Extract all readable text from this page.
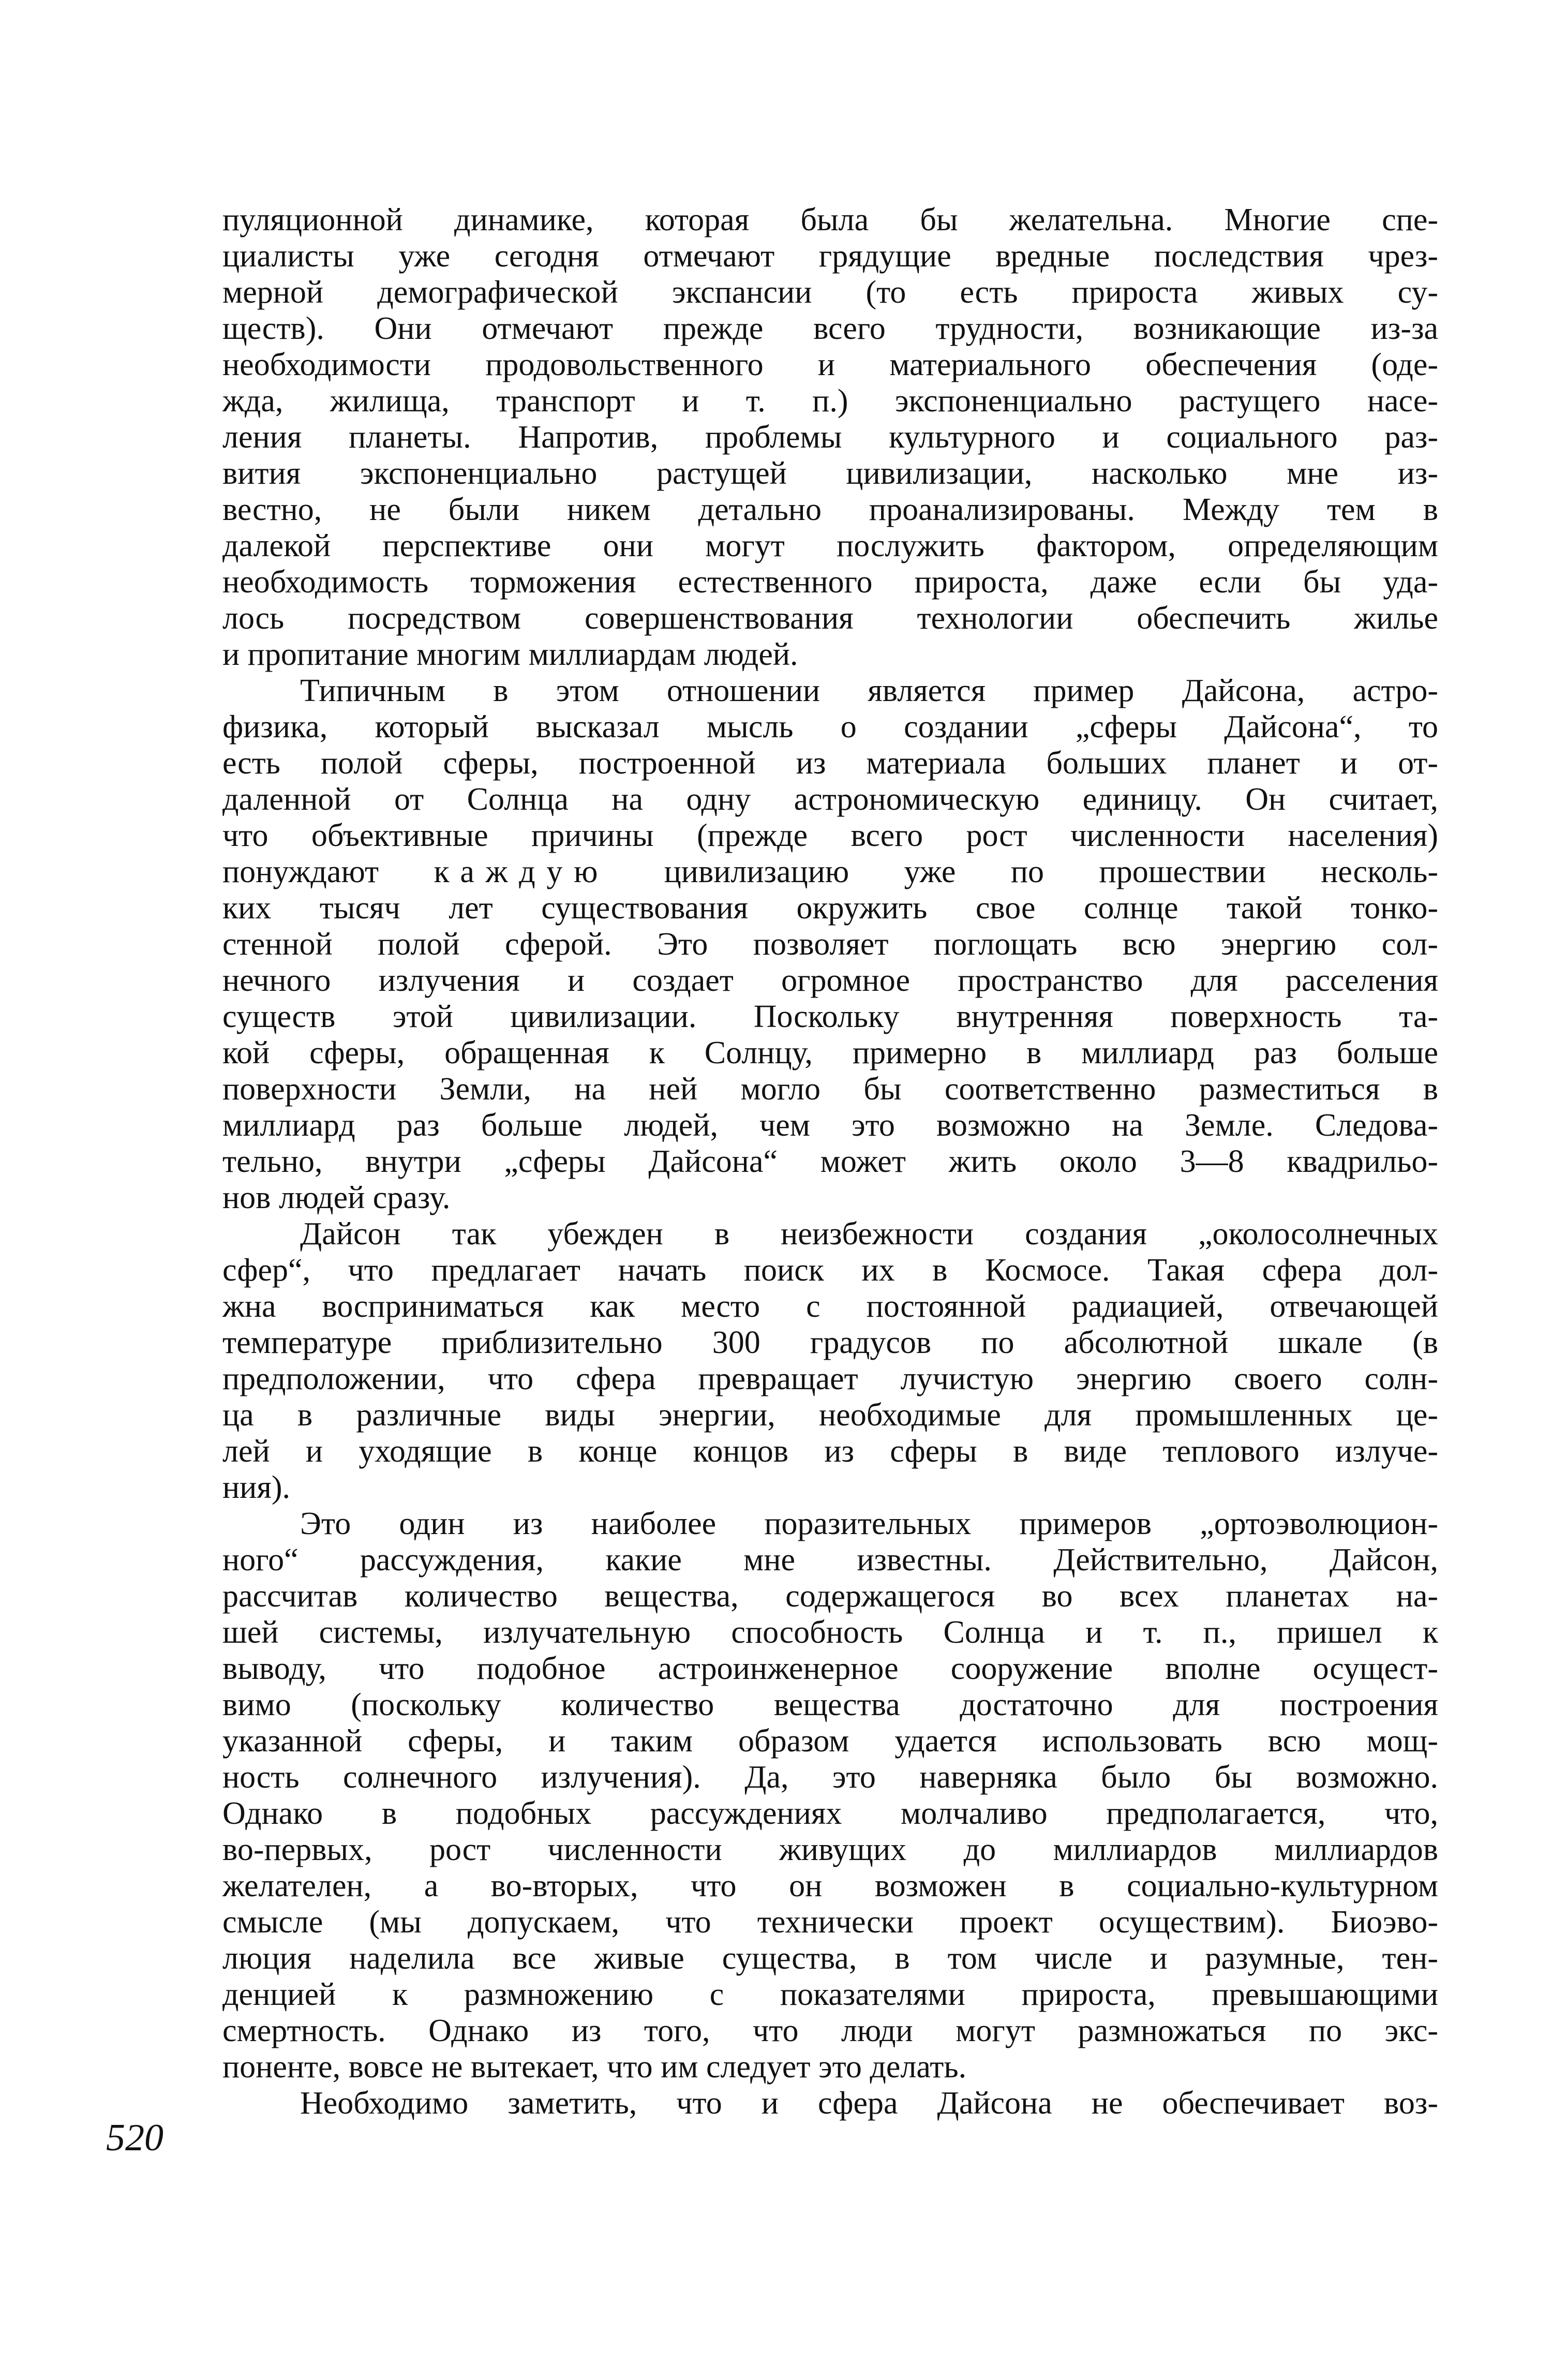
пуляционной динамике, которая была бы желательна. Многие спе-
циалисты уже сегодня отмечают грядущие вредные последствия чрез-
мерной демографической экспансии (то есть прироста живых су-
ществ). Они отмечают прежде всего трудности, возникающие из-за
необходимости продовольственного и материального обеспечения (оде-
жда, жилища, транспорт и т. п.) экспоненциально растущего насе-
ления планеты. Напротив, проблемы культурного и социального раз-
вития экспоненциально растущей цивилизации, насколько мне из-
вестно, не были никем детально проанализированы. Между тем в
далекой перспективе они могут послужить фактором, определяющим
необходимость торможения естественного прироста, даже если бы уда-
лось посредством совершенствования технологии обеспечить жилье
и пропитание многим миллиардам людей.
Типичным в этом отношении является пример Дайсона, астро-
физика, который высказал мысль о создании „сферы Дайсона“, то
есть полой сферы, построенной из материала больших планет и от-
даленной от Солнца на одну астрономическую единицу. Он считает,
что объективные причины (прежде всего рост численности населения)
понуждают каждую цивилизацию уже по прошествии несколь-
ких тысяч лет существования окружить свое солнце такой тонко-
стенной полой сферой. Это позволяет поглощать всю энергию сол-
нечного излучения и создает огромное пространство для расселения
существ этой цивилизации. Поскольку внутренняя поверхность та-
кой сферы, обращенная к Солнцу, примерно в миллиард раз больше
поверхности Земли, на ней могло бы соответственно разместиться в
миллиард раз больше людей, чем это возможно на Земле. Следова-
тельно, внутри „сферы Дайсона“ может жить около 3—8 квадрильо-
нов людей сразу.
Дайсон так убежден в неизбежности создания „околосолнечных
сфер“, что предлагает начать поиск их в Космосе. Такая сфера дол-
жна восприниматься как место с постоянной радиацией, отвечающей
температуре приблизительно 300 градусов по абсолютной шкале (в
предположении, что сфера превращает лучистую энергию своего солн-
ца в различные виды энергии, необходимые для промышленных це-
лей и уходящие в конце концов из сферы в виде теплового излуче-
ния).
Это один из наиболее поразительных примеров „ортоэволюцион-
ного“ рассуждения, какие мне известны. Действительно, Дайсон,
рассчитав количество вещества, содержащегося во всех планетах на-
шей системы, излучательную способность Солнца и т. п., пришел к
выводу, что подобное астроинженерное сооружение вполне осущест-
вимо (поскольку количество вещества достаточно для построения
указанной сферы, и таким образом удается использовать всю мощ-
ность солнечного излучения). Да, это наверняка было бы возможно.
Однако в подобных рассуждениях молчаливо предполагается, что,
во-первых, рост численности живущих до миллиардов миллиардов
желателен, а во-вторых, что он возможен в социально-культурном
смысле (мы допускаем, что технически проект осуществим). Биоэво-
люция наделила все живые существа, в том числе и разумные, тен-
денцией к размножению с показателями прироста, превышающими
смертность. Однако из того, что люди могут размножаться по экс-
поненте, вовсе не вытекает, что им следует это делать.
Необходимо заметить, что и сфера Дайсона не обеспечивает воз-
520
